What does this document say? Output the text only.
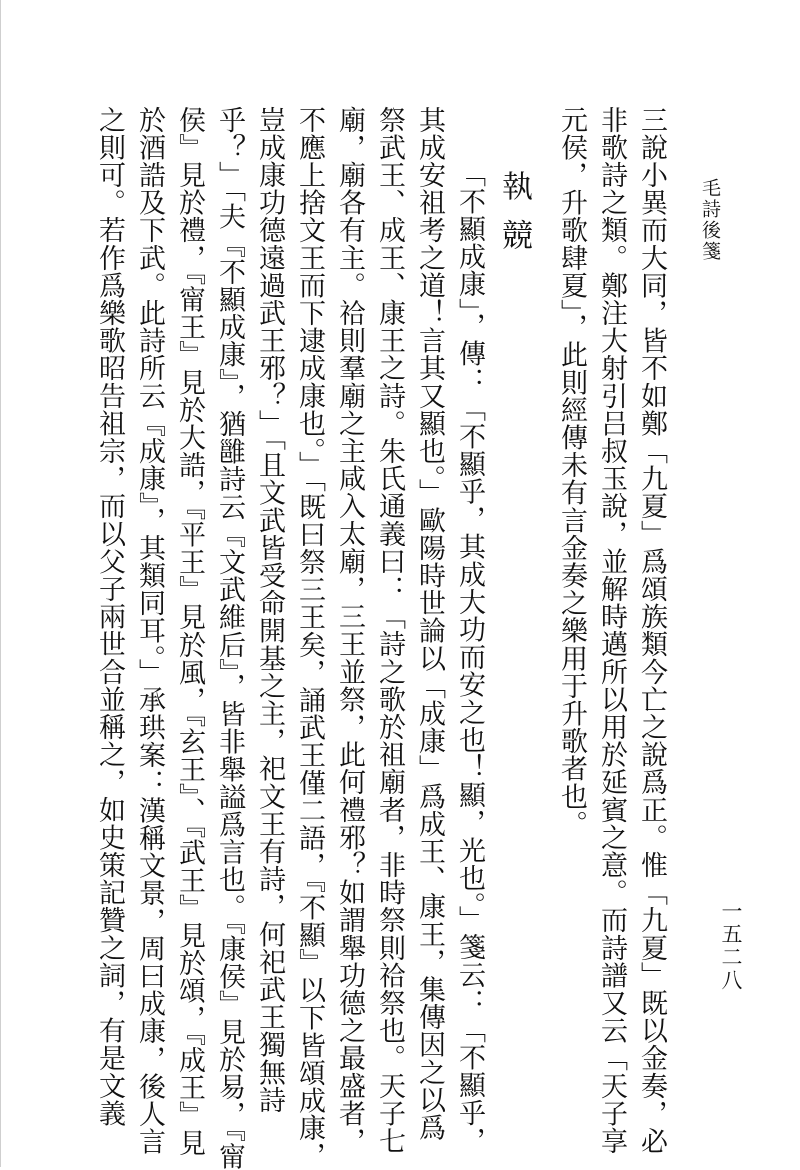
毛詩後箋
三說小異而大同，皆不如鄭「九夏」爲頌族類今亡之說爲正。惟「九夏」既以金奏，必
非歌詩之類。鄭注大射引吕叔玉說，並解時邁所以用於延賓之意。而詩譜又云「天子享
元侯，升歌肆夏」，此則經傳未有言金奏之樂用于升歌者也。
執競
「不顯成康」，傳：「不顯乎，其成大功而安之也！顯，光也。」箋云：「不顯乎，
其成安祖考之道！言其又顯也。」歐陽時世論以「成康」爲成王、康王，集傳因之以爲
祭武王、成王、康王之詩。朱氏通義曰：「詩之歌於祖廟者，非時祭則祫祭也。天子七
廟，廟各有主。祫則羣廟之主咸入太廟，三王並祭，此何禮邪？如謂舉功德之最盛者，
不應上捨文王而下逮成康也。」「既曰祭三王矣，誦武王僅二語，『不顯』以下皆頌成康，
豈成康功德遠過武王邪？」「且文武皆受命開基之主，祀文王有詩，何祀武王獨無詩
乎？」「夫『不顯成康』，猶雝詩云『文武維后』，皆非舉謚爲言也。『康侯』見於易，『甯
侯』見於禮，『甯王』見於大誥，『平王』見於風，『玄王』、『武王』見於頌，『成王』見
於酒誥及下武。此詩所云『成康』，其類同耳。」承珙案：漢稱文景，周曰成康，後人言
之則可。若作爲樂歌昭告祖宗，而以父子兩世合並稱之，如史策記贊之詞，有是文義	一五二八
